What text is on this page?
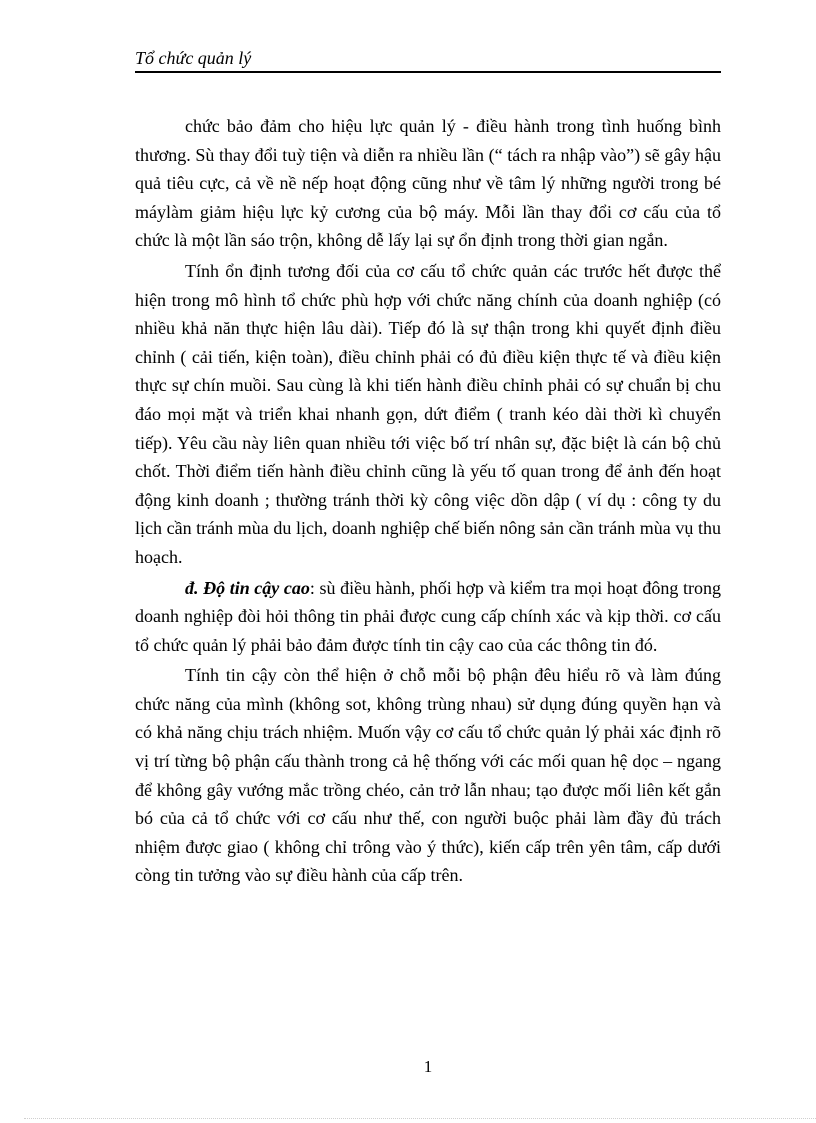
Tổ chức quản lý

chức bảo đảm cho hiệu lực quản lý - điều hành trong tình huống bình thương. Sù thay đổi tuỳ tiện và diễn ra nhiều lần (“ tách ra nhập vào”) sẽ gây hậu quả tiêu cực, cả về nề nếp hoạt động cũng như về tâm lý những người trong bé máylàm giảm hiệu lực kỷ cương của bộ máy. Mỗi lần thay đổi cơ cấu của tổ chức là một lần sáo trộn, không dễ lấy lại sự ổn định trong thời gian ngắn.

Tính ổn định tương đối của cơ cấu tổ chức quản các trước hết được thể hiện trong mô hình tổ chức phù hợp với chức năng chính của doanh nghiệp (có nhiều khả năn thực hiện lâu dài). Tiếp đó là sự thận trong khi quyết định điều chỉnh ( cải tiến, kiện toàn), điều chỉnh phải có đủ điều kiện thực tế và điều kiện thực sự chín muồi. Sau cùng là khi tiến hành điều chỉnh phải có sự chuẩn bị chu đáo mọi mặt và triển khai nhanh gọn, dứt điểm ( tranh kéo dài thời kì chuyển tiếp). Yêu cầu này liên quan nhiều tới việc bố trí nhân sự, đặc biệt là cán bộ chủ chốt. Thời điểm tiến hành điều chỉnh cũng là yếu tố quan trong để ảnh đến hoạt động kinh doanh ; thường tránh thời kỳ công việc dồn dập ( ví dụ : công ty du lịch cần tránh mùa du lịch, doanh nghiệp chế biến nông sản cần tránh mùa vụ thu hoạch.

đ. Độ tin cậy cao: sù điều hành, phối hợp và kiểm tra mọi hoạt đông trong doanh nghiệp đòi hỏi thông tin phải được cung cấp chính xác và kịp thời. cơ cấu tổ chức quản lý phải bảo đảm được tính tin cậy cao của các thông tin đó.

Tính tin cậy còn thể hiện ở chỗ mỗi bộ phận đêu hiểu rõ và làm đúng chức năng của mình (không sot, không trùng nhau) sử dụng đúng quyền hạn và có khả năng chịu trách nhiệm. Muốn vậy cơ cấu tổ chức quản lý phải xác định rõ vị trí từng bộ phận cấu thành trong cả hệ thống với các mối quan hệ dọc – ngang để không gây vướng mắc trồng chéo, cản trở lẫn nhau; tạo được mối liên kết gắn bó của cả tổ chức với cơ cấu như thế, con người buộc phải làm đầy đủ trách nhiệm được giao ( không chỉ trông vào ý thức), kiến cấp trên yên tâm, cấp dưới còng tin tưởng vào sự điều hành của cấp trên.

1
